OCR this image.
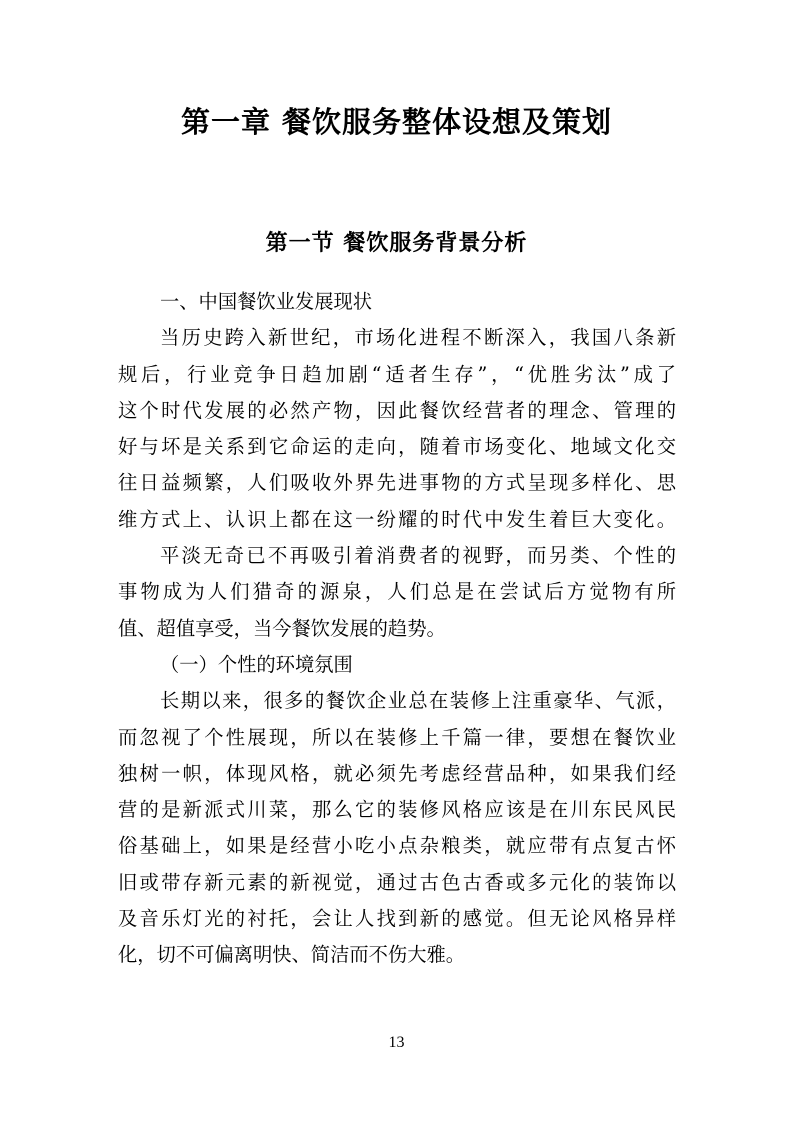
第一章 餐饮服务整体设想及策划
第一节 餐饮服务背景分析
一、中国餐饮业发展现状
当历史跨入新世纪，市场化进程不断深入，我国八条新
规后，行业竞争日趋加剧“适者生存”，“优胜劣汰”成了
这个时代发展的必然产物，因此餐饮经营者的理念、管理的
好与坏是关系到它命运的走向，随着市场变化、地域文化交
往日益频繁，人们吸收外界先进事物的方式呈现多样化、思
维方式上、认识上都在这一纷耀的时代中发生着巨大变化。
平淡无奇已不再吸引着消费者的视野，而另类、个性的
事物成为人们猎奇的源泉，人们总是在尝试后方觉物有所
值、超值享受，当今餐饮发展的趋势。
（一）个性的环境氛围
长期以来，很多的餐饮企业总在装修上注重豪华、气派，
而忽视了个性展现，所以在装修上千篇一律，要想在餐饮业
独树一帜，体现风格，就必须先考虑经营品种，如果我们经
营的是新派式川菜，那么它的装修风格应该是在川东民风民
俗基础上，如果是经营小吃小点杂粮类，就应带有点复古怀
旧或带存新元素的新视觉，通过古色古香或多元化的装饰以
及音乐灯光的衬托，会让人找到新的感觉。但无论风格异样
化，切不可偏离明快、简洁而不伤大雅。
13
